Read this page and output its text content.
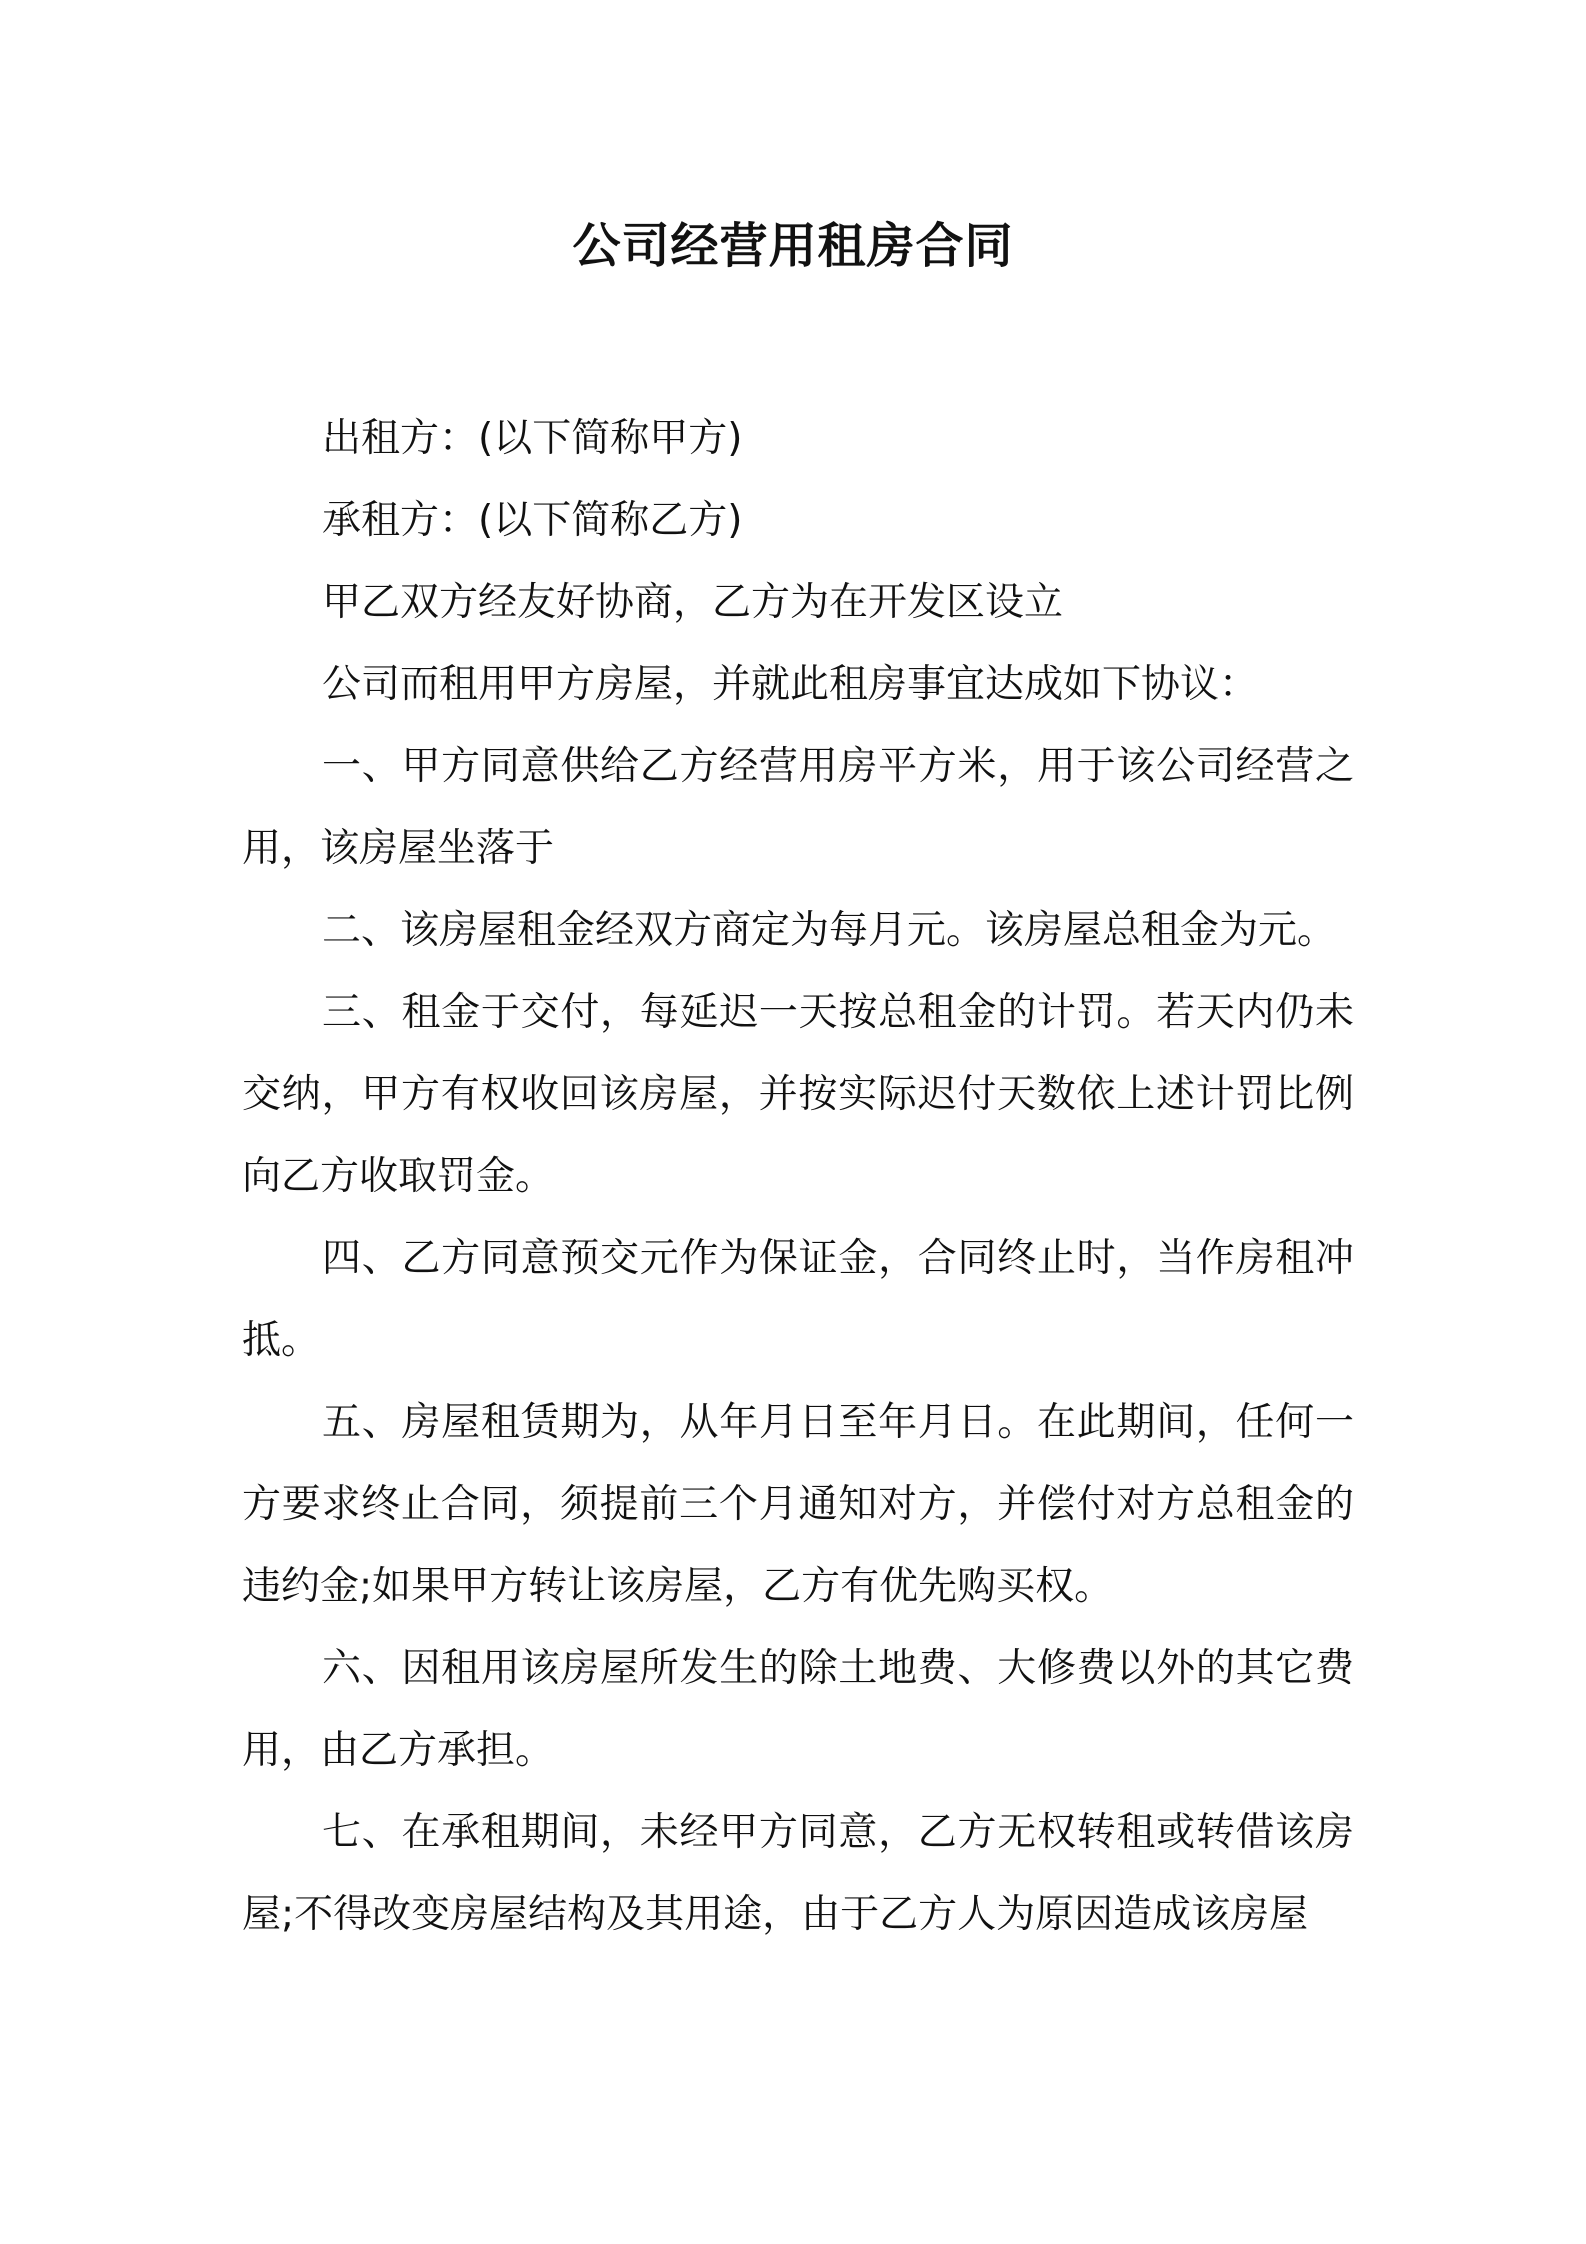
公司经营用租房合同

出租方：(以下简称甲方)

承租方：(以下简称乙方)

甲乙双方经友好协商，乙方为在开发区设立

公司而租用甲方房屋，并就此租房事宜达成如下协议：

一、甲方同意供给乙方经营用房平方米，用于该公司经营之用，该房屋坐落于

二、该房屋租金经双方商定为每月元。该房屋总租金为元。

三、租金于交付，每延迟一天按总租金的计罚。若天内仍未交纳，甲方有权收回该房屋，并按实际迟付天数依上述计罚比例向乙方收取罚金。

四、乙方同意预交元作为保证金，合同终止时，当作房租冲抵。

五、房屋租赁期为，从年月日至年月日。在此期间，任何一方要求终止合同，须提前三个月通知对方，并偿付对方总租金的违约金;如果甲方转让该房屋，乙方有优先购买权。

六、因租用该房屋所发生的除土地费、大修费以外的其它费用，由乙方承担。

七、在承租期间，未经甲方同意，乙方无权转租或转借该房屋;不得改变房屋结构及其用途，由于乙方人为原因造成该房屋
